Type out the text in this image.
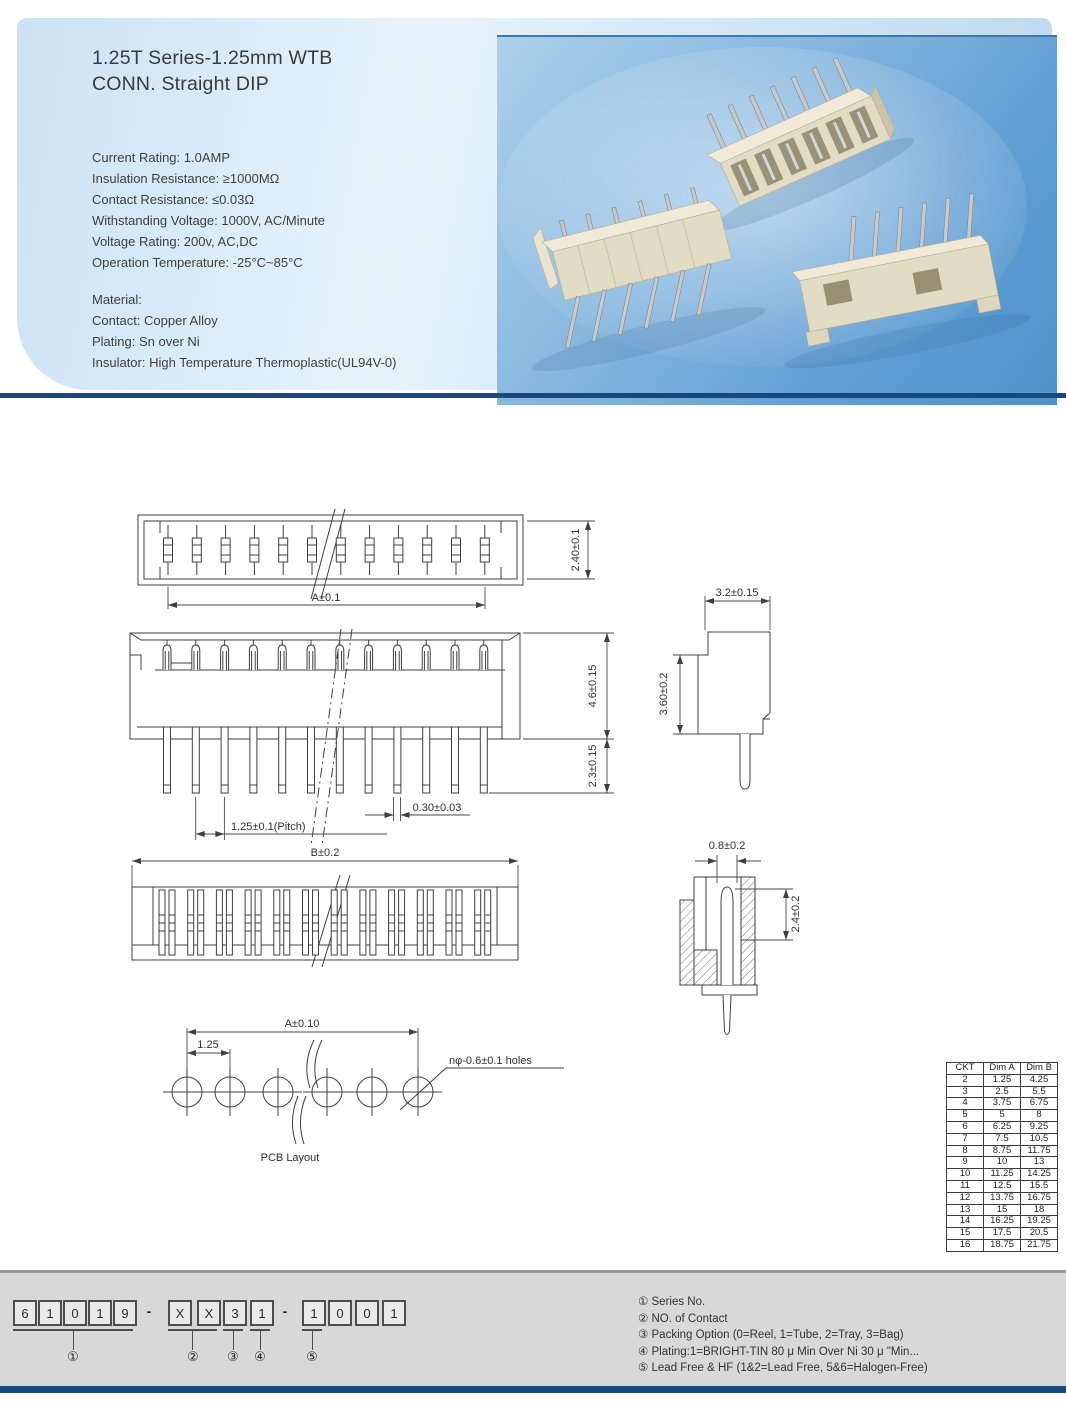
1.25T Series-1.25mm WTB
CONN. Straight DIP
Current Rating: 1.0AMP
Insulation Resistance: ≥1000MΩ
Contact Resistance: ≤0.03Ω
Withstanding Voltage: 1000V, AC/Minute
Voltage Rating: 200v, AC,DC
Operation Temperature: -25°C~85°C
Material:
Contact: Copper Alloy
Plating: Sn over Ni
Insulator: High Temperature Thermoplastic(UL94V-0)
A±0.1
2.40±0.1
4.6±0.15
2.3±0.15
0.30±0.03
1.25±0.1(Pitch)
3.2±0.15
3.60±0.2
B±0.2
0.8±0.2
2.4±0.2
A±0.10
1.25
nφ-0.6±0.1 holes
PCB Layout
CKT	Dim A	Dim B
2	1.25	4.25
3	2.5	5.5
4	3.75	6.75
5	5	8
6	6.25	9.25
7	7.5	10.5
8	8.75	11.75
9	10	13
10	11.25	14.25
11	12.5	15.5
12	13.75	16.75
13	15	18
14	16.25	19.25
15	17.5	20.5
16	18.75	21.75
-	-
6	1	0	1	9	X	X	3	1	1	0	0	1
①	② ③ ④	⑤
① Series No.
② NO. of Contact
③ Packing Option (0=Reel, 1=Tube, 2=Tray, 3=Bag)
④ Plating:1=BRIGHT-TIN 80 μ Min Over Ni 30 μ "Min...
⑤ Lead Free & HF (1&2=Lead Free, 5&6=Halogen-Free)
